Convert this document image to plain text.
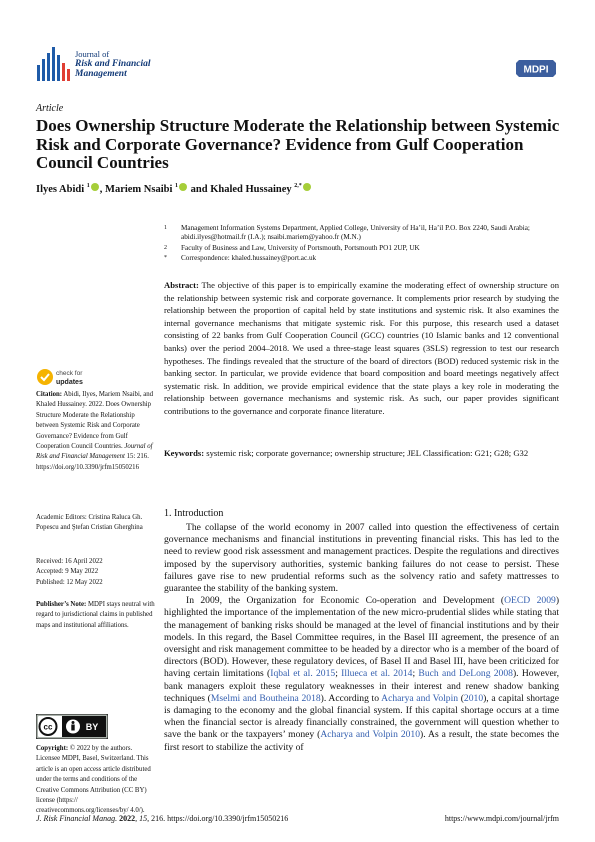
Journal of
Risk and Financial
Management	MDPI
Article
Does Ownership Structure Moderate the Relationship between Systemic Risk and Corporate Governance? Evidence from Gulf Cooperation Council Countries
Ilyes Abidi $^1$ , Mariem Nsaibi $^1$ and Khaled Hussainey $^{2,*}$
1	Management Information Systems Department, Applied College, University of Ha’il, Ha’il P.O. Box 2240, Saudi Arabia; abidi.ilyes@hotmail.fr (I.A.); nsaibi.mariem@yahoo.fr (M.N.)
2	Faculty of Business and Law, University of Portsmouth, Portsmouth PO1 2UP, UK
*	Correspondence: khaled.hussainey@port.ac.uk
Abstract: The objective of this paper is to empirically examine the moderating effect of ownership structure on the relationship between systemic risk and corporate governance. It complements prior research by studying the relationship between the proportion of capital held by state institutions and systemic risk. It also examines the internal governance mechanisms that mitigate systemic risk. For this purpose, this research used a dataset consisting of 22 banks from Gulf Cooperation Council (GCC) countries (10 Islamic banks and 12 conventional banks) over the period 2004–2018. We used a three-stage least squares (3SLS) regression to test our research hypotheses. The findings revealed that the structure of the board of directors (BOD) reduced systemic risk in the banking sector. In particular, we provide evidence that board composition and board meetings negatively affect systematic risk. In addition, we provide empirical evidence that the state plays a key role in moderating the relationship between governance mechanisms and systemic risk. As such, our paper provides significant contributions to the governance and corporate finance literature.
Keywords: systemic risk; corporate governance; ownership structure; JEL Classification: G21; G28; G32
1. Introduction

The collapse of the world economy in 2007 called into question the effectiveness of certain governance mechanisms and financial institutions in preventing financial risks. This has led to the need to review good risk assessment and management practices. Despite the regulations and directives imposed by the supervisory authorities, systemic banking failures do not cease to persist. These failures gave rise to new prudential reforms such as the solvency ratio and safety mattresses to guarantee the stability of the banking system.

In 2009, the Organization for Economic Co-operation and Development (OECD 2009) highlighted the importance of the implementation of the new micro-prudential slides while stating that the management of banking risks should be managed at the level of financial institutions and by their models. In this regard, the Basel Committee requires, in the Basel III agreement, the presence of an oversight and risk management committee to be headed by a director who is a member of the board of directors (BOD). However, these regulatory devices, of Basel II and Basel III, have been criticized for having certain limitations (Iqbal et al. 2015; Illueca et al. 2014; Buch and DeLong 2008). However, bank managers exploit these regulatory weaknesses in their interest and renew shadow banking techniques (Mselmi and Boutheina 2018). According to Acharya and Volpin (2010), a capital shortage is damaging to the economy and the global financial system. If this capital shortage occurs at a time when the financial sector is already financially constrained, the government will question whether to save the bank or the taxpayers’ money (Acharya and Volpin 2010). As a result, the state becomes the first resort to stabilize the activity of

check for
updates
Citation: Abidi, Ilyes, Mariem Nsaibi, and Khaled Hussainey. 2022. Does Ownership Structure Moderate the Relationship between Systemic Risk and Corporate Governance? Evidence from Gulf Cooperation Council Countries. Journal of Risk and Financial Management 15: 216. https://doi.org/10.3390/jrfm15050216
Academic Editors: Cristina Raluca Gh. Popescu and Ştefan Cristian Gherghina

Received: 16 April 2022

Accepted: 9 May 2022

Published: 12 May 2022

Publisher’s Note: MDPI stays neutral with regard to jurisdictional claims in published maps and institutional affiliations.
cc	BY
Copyright: © 2022 by the authors. Licensee MDPI, Basel, Switzerland. This article is an open access article distributed under the terms and conditions of the Creative Commons Attribution (CC BY) license (https:// creativecommons.org/licenses/by/ 4.0/).
J. Risk Financial Manag. 2022, 15, 216. https://doi.org/10.3390/jrfm15050216	https://www.mdpi.com/journal/jrfm
